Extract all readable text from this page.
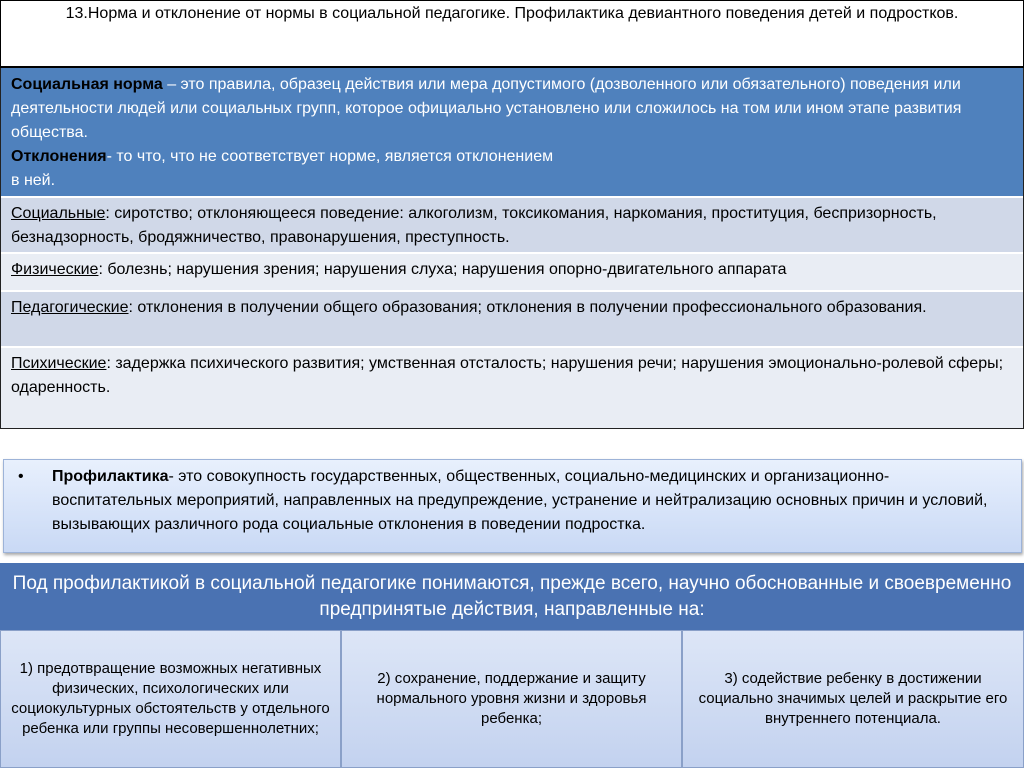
13.Норма и отклонение от нормы в социальной педагогике. Профилактика девиантного поведения детей и подростков.
Социальная норма – это правила, образец действия или мера допустимого (дозволенного или обязательного) поведения или деятельности людей или социальных групп, которое официально установлено или сложилось на том или ином этапе развития общества.
Отклонения- то что, что не соответствует норме, является отклонением
в ней.
Социальные: сиротство; отклоняющееся поведение: алкоголизм, токсикомания, наркомания, проституция, беспризорность, безнадзорность, бродяжничество, правонарушения, преступность.
Физические: болезнь; нарушения зрения; нарушения слуха; нарушения опорно-двигательного аппарата
Педагогические: отклонения в получении общего образования; отклонения в получении профессионального образования.
Психические: задержка психического развития; умственная отсталость; нарушения речи; нарушения эмоционально-ролевой сферы; одаренность.
• Профилактика- это совокупность государственных, общественных, социально-медицинских и организационно-воспитательных мероприятий, направленных на предупреждение, устранение и нейтрализацию основных причин и условий, вызывающих различного рода социальные отклонения в поведении подростка.
Под профилактикой в социальной педагогике понимаются, прежде всего, научно обоснованные и своевременно предпринятые действия, направленные на:
1) предотвращение возможных негативных физических, психологических или социокультурных обстоятельств у отдельного ребенка или группы несовершеннолетних;
2) сохранение, поддержание и защиту нормального уровня жизни и здоровья ребенка;
3) содействие ребенку в достижении социально значимых целей и раскрытие его внутреннего потенциала.
